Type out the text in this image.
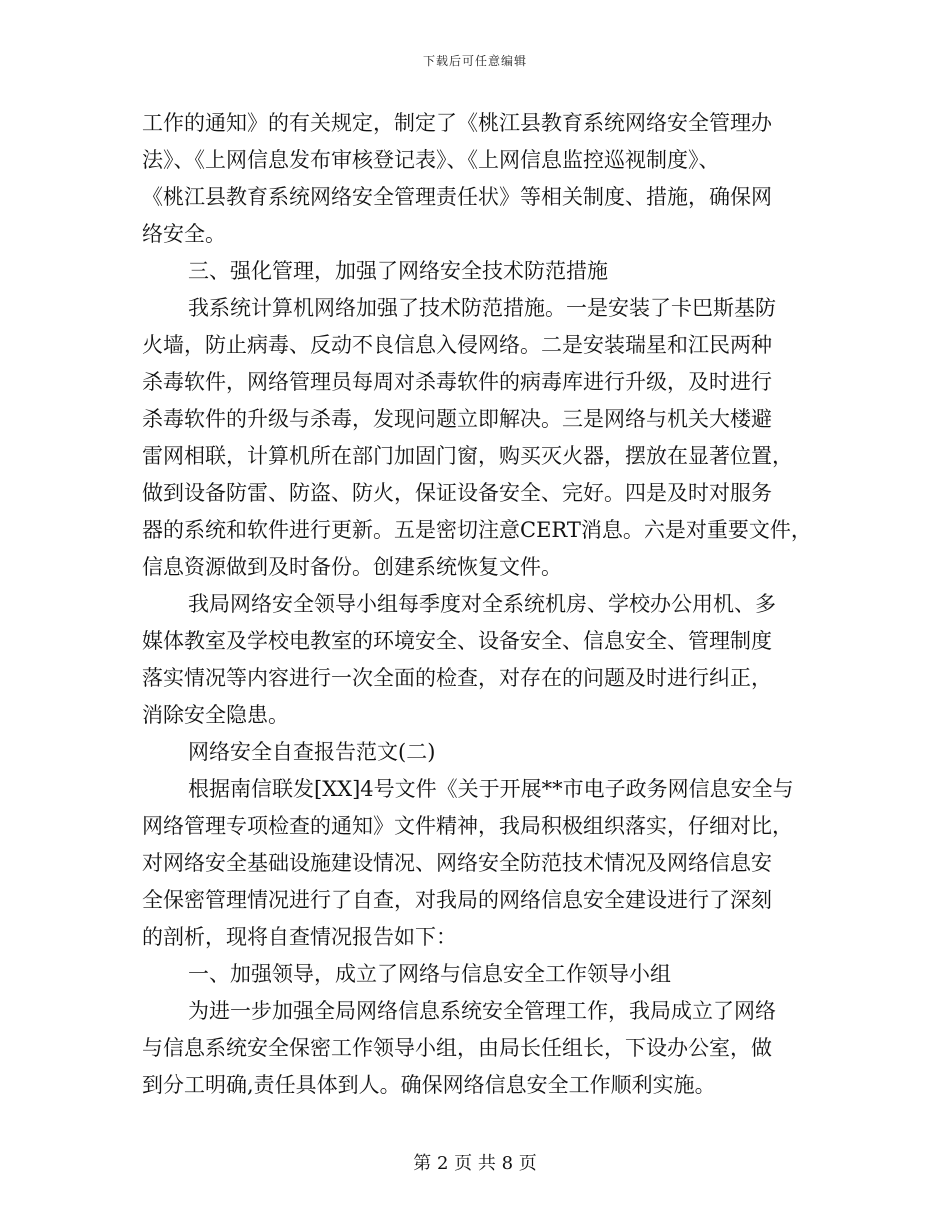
下载后可任意编辑
工作的通知》的有关规定，制定了《桃江县教育系统网络安全管理办
法》、《上网信息发布审核登记表》、《上网信息监控巡视制度》、
《桃江县教育系统网络安全管理责任状》等相关制度、措施，确保网
络安全。
三、强化管理，加强了网络安全技术防范措施
我系统计算机网络加强了技术防范措施。一是安装了卡巴斯基防
火墙，防止病毒、反动不良信息入侵网络。二是安装瑞星和江民两种
杀毒软件，网络管理员每周对杀毒软件的病毒库进行升级，及时进行
杀毒软件的升级与杀毒，发现问题立即解决。三是网络与机关大楼避
雷网相联，计算机所在部门加固门窗，购买灭火器，摆放在显著位置，
做到设备防雷、防盗、防火，保证设备安全、完好。四是及时对服务
器的系统和软件进行更新。五是密切注意CERT消息。六是对重要文件，
信息资源做到及时备份。创建系统恢复文件。
我局网络安全领导小组每季度对全系统机房、学校办公用机、多
媒体教室及学校电教室的环境安全、设备安全、信息安全、管理制度
落实情况等内容进行一次全面的检查，对存在的问题及时进行纠正，
消除安全隐患。
网络安全自查报告范文(二)
根据南信联发[XX]4号文件《关于开展**市电子政务网信息安全与
网络管理专项检查的通知》文件精神，我局积极组织落实，仔细对比，
对网络安全基础设施建设情况、网络安全防范技术情况及网络信息安
全保密管理情况进行了自查，对我局的网络信息安全建设进行了深刻
的剖析，现将自查情况报告如下：
一、加强领导，成立了网络与信息安全工作领导小组
为进一步加强全局网络信息系统安全管理工作，我局成立了网络
与信息系统安全保密工作领导小组，由局长任组长，下设办公室，做
到分工明确,责任具体到人。确保网络信息安全工作顺利实施。
第 2 页 共 8 页
